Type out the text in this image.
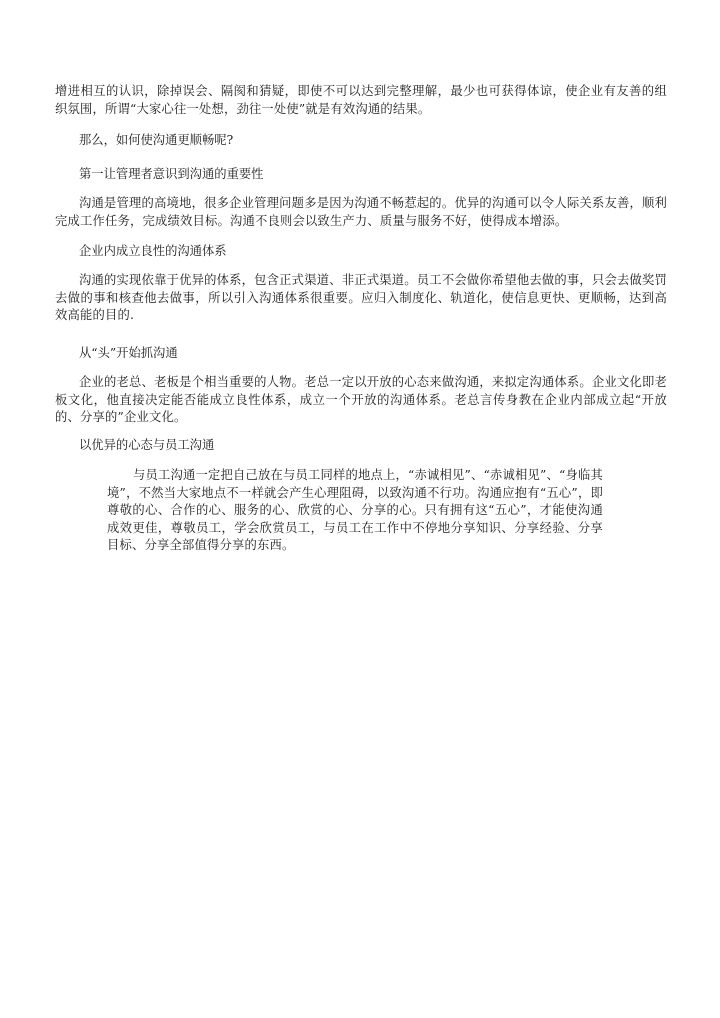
增进相互的认识，除掉误会、隔阂和猜疑，即使不可以达到完整理解，最少也可获得体谅，使企业有友善的组织氛围，所谓“大家心往一处想，劲往一处使”就是有效沟通的结果。

那么，如何使沟通更顺畅呢?

第一让管理者意识到沟通的重要性

沟通是管理的高境地，很多企业管理问题多是因为沟通不畅惹起的。优异的沟通可以令人际关系友善，顺利完成工作任务，完成绩效目标。沟通不良则会以致生产力、质量与服务不好，使得成本增添。

企业内成立良性的沟通体系

沟通的实现依靠于优异的体系，包含正式渠道、非正式渠道。员工不会做你希望他去做的事，只会去做奖罚去做的事和核查他去做事，所以引入沟通体系很重要。应归入制度化、轨道化，使信息更快、更顺畅，达到高效高能的目的.

从“头”开始抓沟通

企业的老总、老板是个相当重要的人物。老总一定以开放的心态来做沟通，来拟定沟通体系。企业文化即老板文化，他直接决定能否能成立良性体系，成立一个开放的沟通体系。老总言传身教在企业内部成立起“开放的、分享的”企业文化。

以优异的心态与员工沟通

与员工沟通一定把自己放在与员工同样的地点上，“赤诚相见”、“赤诚相见”、“身临其境”，不然当大家地点不一样就会产生心理阻碍，以致沟通不行功。沟通应抱有“五心”，即尊敬的心、合作的心、服务的心、欣赏的心、分享的心。只有拥有这“五心”，才能使沟通成效更佳，尊敬员工，学会欣赏员工，与员工在工作中不停地分享知识、分享经验、分享目标、分享全部值得分享的东西。
